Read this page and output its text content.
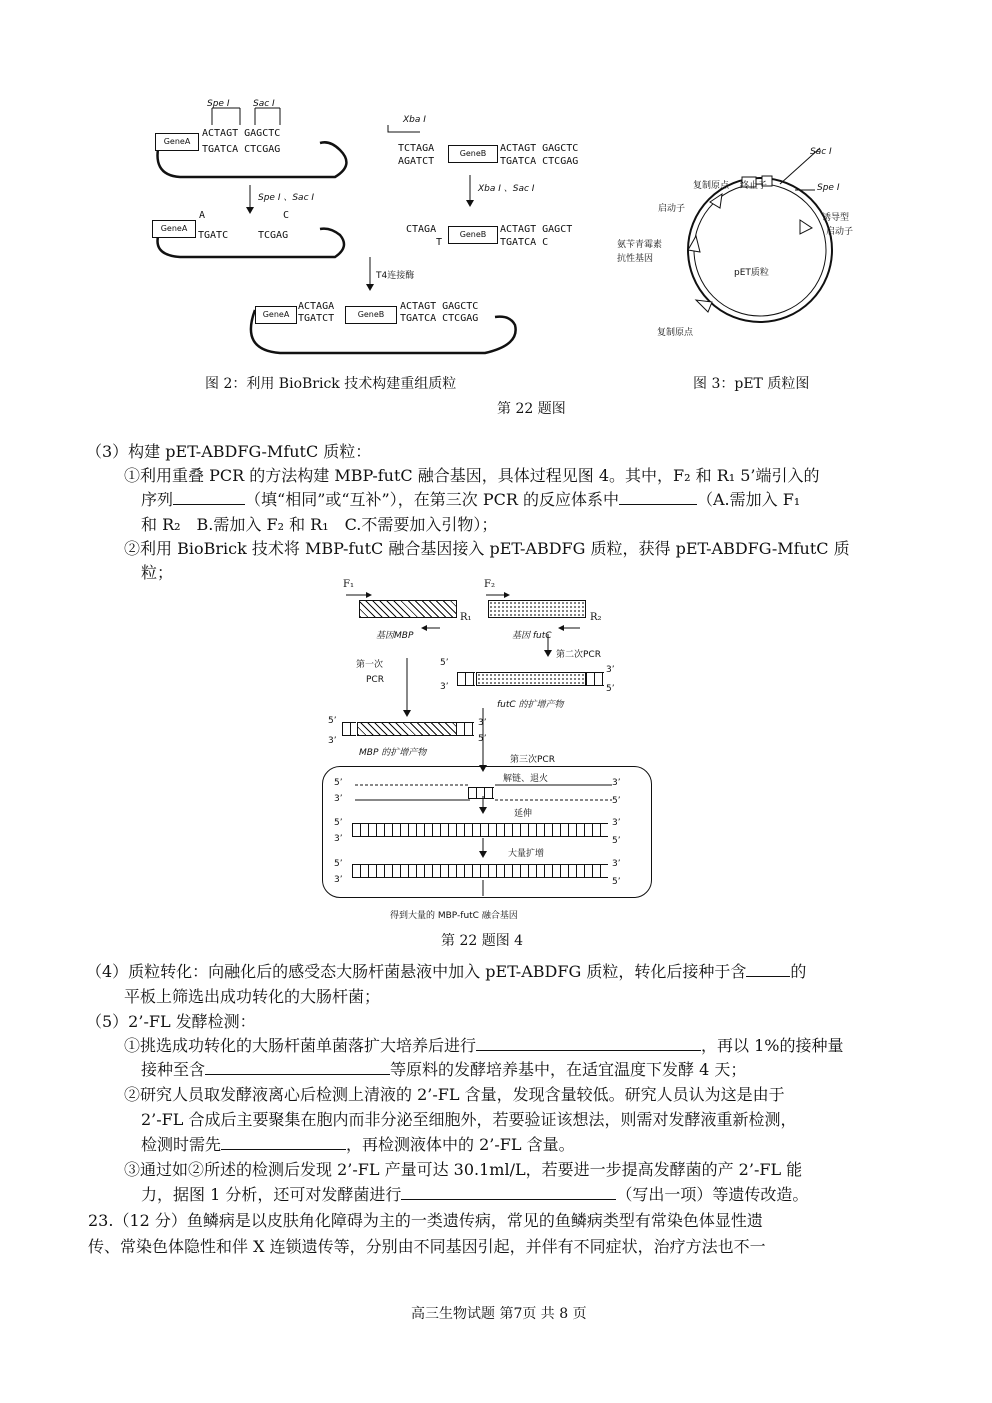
Spe Ⅰ	Sac Ⅰ
GeneA
ACTAGT GAGCTC
TGATCA CTCGAG
Spe Ⅰ 、Sac Ⅰ
GeneA
A
TGATC
C
TCGAG
Xba Ⅰ
TCTAGA
AGATCT
GeneB	ACTAGT GAGCTC
TGATCA CTCGAG
Xba Ⅰ 、Sac Ⅰ
CTAGA
T
GeneB	ACTAGT GAGCT
TGATCA C
T4连接酶
GeneA
ACTAGA
TGATCT	GeneB
ACTAGT GAGCTC
TGATCA CTCGAG
图 2：利用 BioBrick 技术构建重组质粒
Sac Ⅰ
Spe Ⅰ
复制原点 终止子
启动子
诱导型
启动子
氨苄青霉素
抗性基因
pET质粒
复制原点
图 3：pET 质粒图
第 22 题图
（3）构建 pET-ABDFG-MfutC 质粒：
①利用重叠 PCR 的方法构建 MBP-futC 融合基因，具体过程见图 4。其中，F₂ 和 R₁ 5’端引入的
序列	（填“相同”或“互补”），在第三次 PCR 的反应体系中	（A.需加入 F₁
和 R₂　B.需加入 F₂ 和 R₁　C.不需要加入引物）；
②利用 BioBrick 技术将 MBP-futC 融合基因接入 pET-ABDFG 质粒，获得 pET-ABDFG-MfutC 质
粒；
F₁	F₂
R₁	R₂
基因MBP	基因 futC
第二次PCR
第一次
PCR
5’
3’
3’	5’
futC 的扩增产物
5’
3’
3’
5’
MBP 的扩增产物
第三次PCR
解链、退火
5’	3’
3’	5’
延伸
5’	3’
3’	5’
大量扩增
5’	3’
3’	5’
得到大量的 MBP-futC 融合基因
第 22 题图 4
（4）质粒转化：向融化后的感受态大肠杆菌悬液中加入 pET-ABDFG 质粒，转化后接种于含	的
平板上筛选出成功转化的大肠杆菌；
（5）2’-FL 发酵检测：
①挑选成功转化的大肠杆菌单菌落扩大培养后进行	，再以 1%的接种量
接种至含	等原料的发酵培养基中，在适宜温度下发酵 4 天；
②研究人员取发酵液离心后检测上清液的 2’-FL 含量，发现含量较低。研究人员认为这是由于
2’-FL 合成后主要聚集在胞内而非分泌至细胞外，若要验证该想法，则需对发酵液重新检测，
检测时需先	，再检测液体中的 2’-FL 含量。
③通过如②所述的检测后发现 2’-FL 产量可达 30.1ml/L，若要进一步提高发酵菌的产 2’-FL 能
力，据图 1 分析，还可对发酵菌进行	（写出一项）等遗传改造。
23.（12 分）鱼鳞病是以皮肤角化障碍为主的一类遗传病，常见的鱼鳞病类型有常染色体显性遗
传、常染色体隐性和伴 X 连锁遗传等，分别由不同基因引起，并伴有不同症状，治疗方法也不一
高三生物试题 第7页 共 8 页
